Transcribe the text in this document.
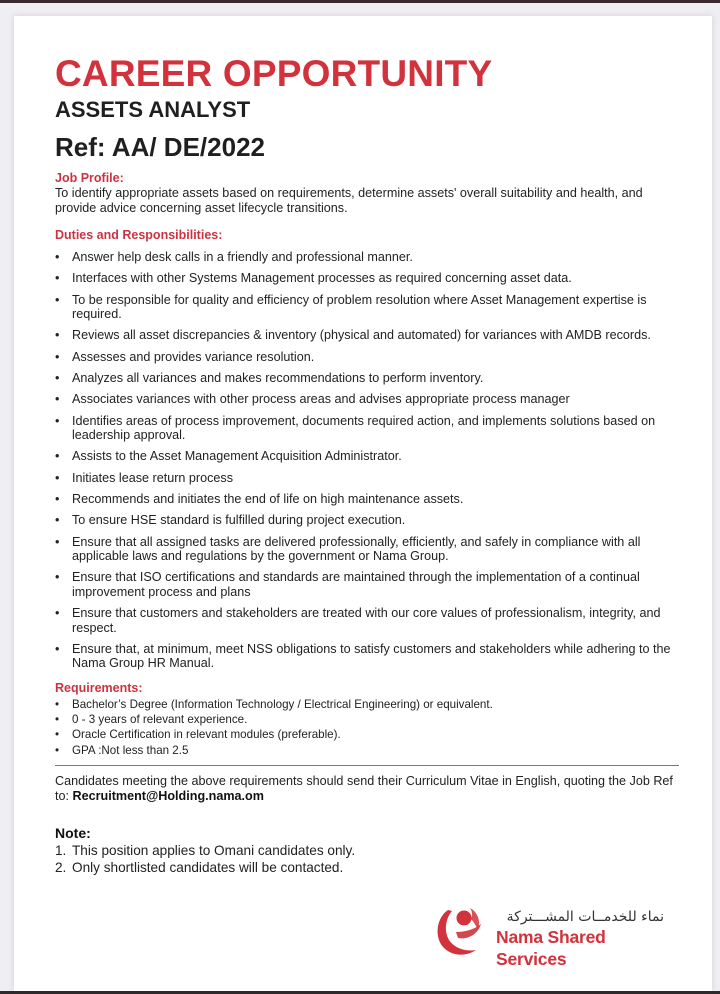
CAREER OPPORTUNITY
ASSETS ANALYST
Ref: AA/ DE/2022
Job Profile:

To identify appropriate assets based on requirements, determine assets' overall suitability and health, and provide advice concerning asset lifecycle transitions.

Duties and Responsibilities:
• Answer help desk calls in a friendly and professional manner.
• Interfaces with other Systems Management processes as required concerning asset data.
• To be responsible for quality and efficiency of problem resolution where Asset Management expertise is required.
• Reviews all asset discrepancies & inventory (physical and automated) for variances with AMDB records.
• Assesses and provides variance resolution.
• Analyzes all variances and makes recommendations to perform inventory.
• Associates variances with other process areas and advises appropriate process manager
• Identifies areas of process improvement, documents required action, and implements solutions based on leadership approval.
• Assists to the Asset Management Acquisition Administrator.
• Initiates lease return process
• Recommends and initiates the end of life on high maintenance assets.
• To ensure HSE standard is fulfilled during project execution.
• Ensure that all assigned tasks are delivered professionally, efficiently, and safely in compliance with all applicable laws and regulations by the government or Nama Group.
• Ensure that ISO certifications and standards are maintained through the implementation of a continual improvement process and plans
• Ensure that customers and stakeholders are treated with our core values of professionalism, integrity, and respect.
• Ensure that, at minimum, meet NSS obligations to satisfy customers and stakeholders while adhering to the Nama Group HR Manual.
Requirements:
• Bachelor’s Degree (Information Technology / Electrical Engineering) or equivalent.
• 0 - 3 years of relevant experience.
• Oracle Certification in relevant modules (preferable).
• GPA :Not less than 2.5

Candidates meeting the above requirements should send their Curriculum Vitae in English, quoting the Job Ref to: Recruitment@Holding.nama.om

Note:
1. This position applies to Omani candidates only.
2. Only shortlisted candidates will be contacted.
نماء للخدمــات المشـــتركة
Nama Shared Services
